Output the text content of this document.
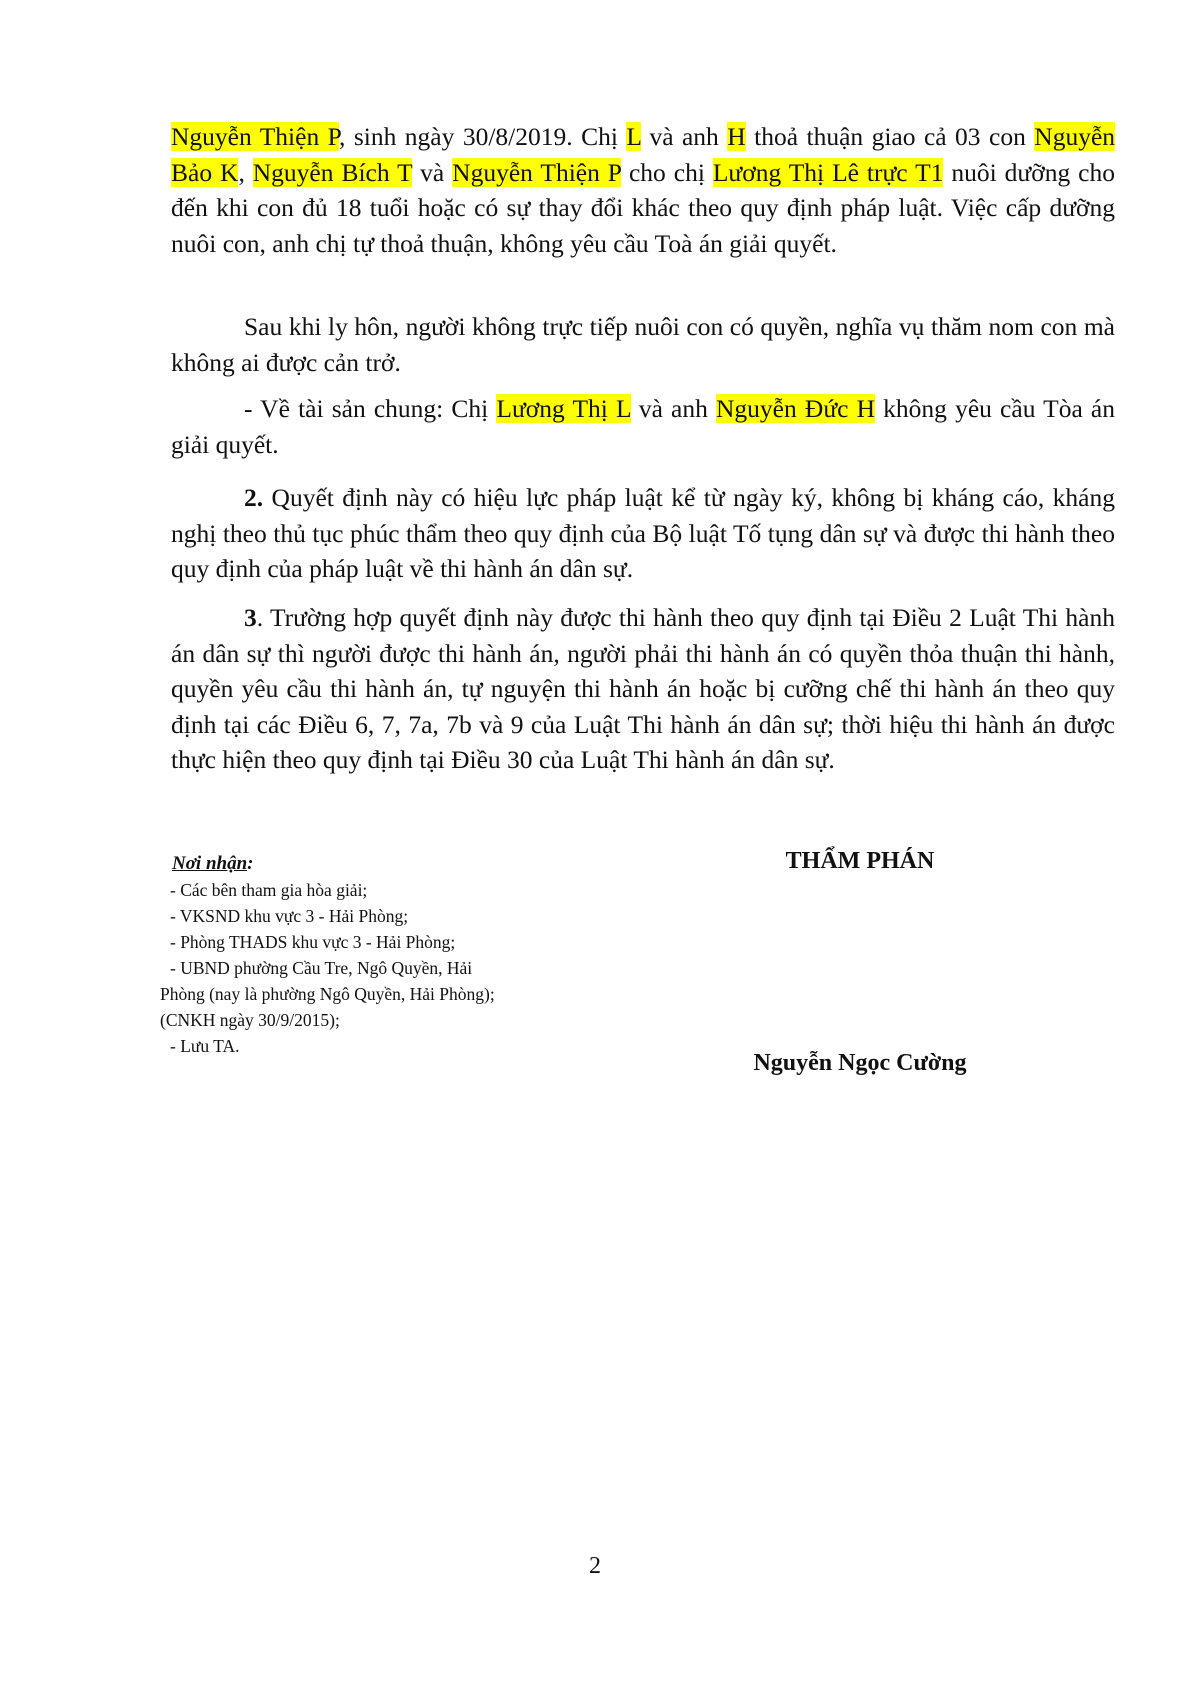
Nguyễn Thiện P, sinh ngày 30/8/2019. Chị L và anh H thoả thuận giao cả 03 con Nguyễn Bảo K, Nguyễn Bích T và Nguyễn Thiện P cho chị Lương Thị Lê trực T1 nuôi dưỡng cho đến khi con đủ 18 tuổi hoặc có sự thay đổi khác theo quy định pháp luật. Việc cấp dưỡng nuôi con, anh chị tự thoả thuận, không yêu cầu Toà án giải quyết.

Sau khi ly hôn, người không trực tiếp nuôi con có quyền, nghĩa vụ thăm nom con mà không ai được cản trở.

- Về tài sản chung: Chị Lương Thị L và anh Nguyễn Đức H không yêu cầu Tòa án giải quyết.

2. Quyết định này có hiệu lực pháp luật kể từ ngày ký, không bị kháng cáo, kháng nghị theo thủ tục phúc thẩm theo quy định của Bộ luật Tố tụng dân sự và được thi hành theo quy định của pháp luật về thi hành án dân sự.

3. Trường hợp quyết định này được thi hành theo quy định tại Điều 2 Luật Thi hành án dân sự thì người được thi hành án, người phải thi hành án có quyền thỏa thuận thi hành, quyền yêu cầu thi hành án, tự nguyện thi hành án hoặc bị cưỡng chế thi hành án theo quy định tại các Điều 6, 7, 7a, 7b và 9 của Luật Thi hành án dân sự; thời hiệu thi hành án được thực hiện theo quy định tại Điều 30 của Luật Thi hành án dân sự.

Nơi nhận:
- Các bên tham gia hòa giải;
- VKSND khu vực 3 - Hải Phòng;
- Phòng THADS khu vực 3 - Hải Phòng;
- UBND phường Cầu Tre, Ngô Quyền, Hải
Phòng (nay là phường Ngô Quyền, Hải Phòng);
(CNKH ngày 30/9/2015);
- Lưu TA.
THẨM PHÁN
Nguyễn Ngọc Cường
2
